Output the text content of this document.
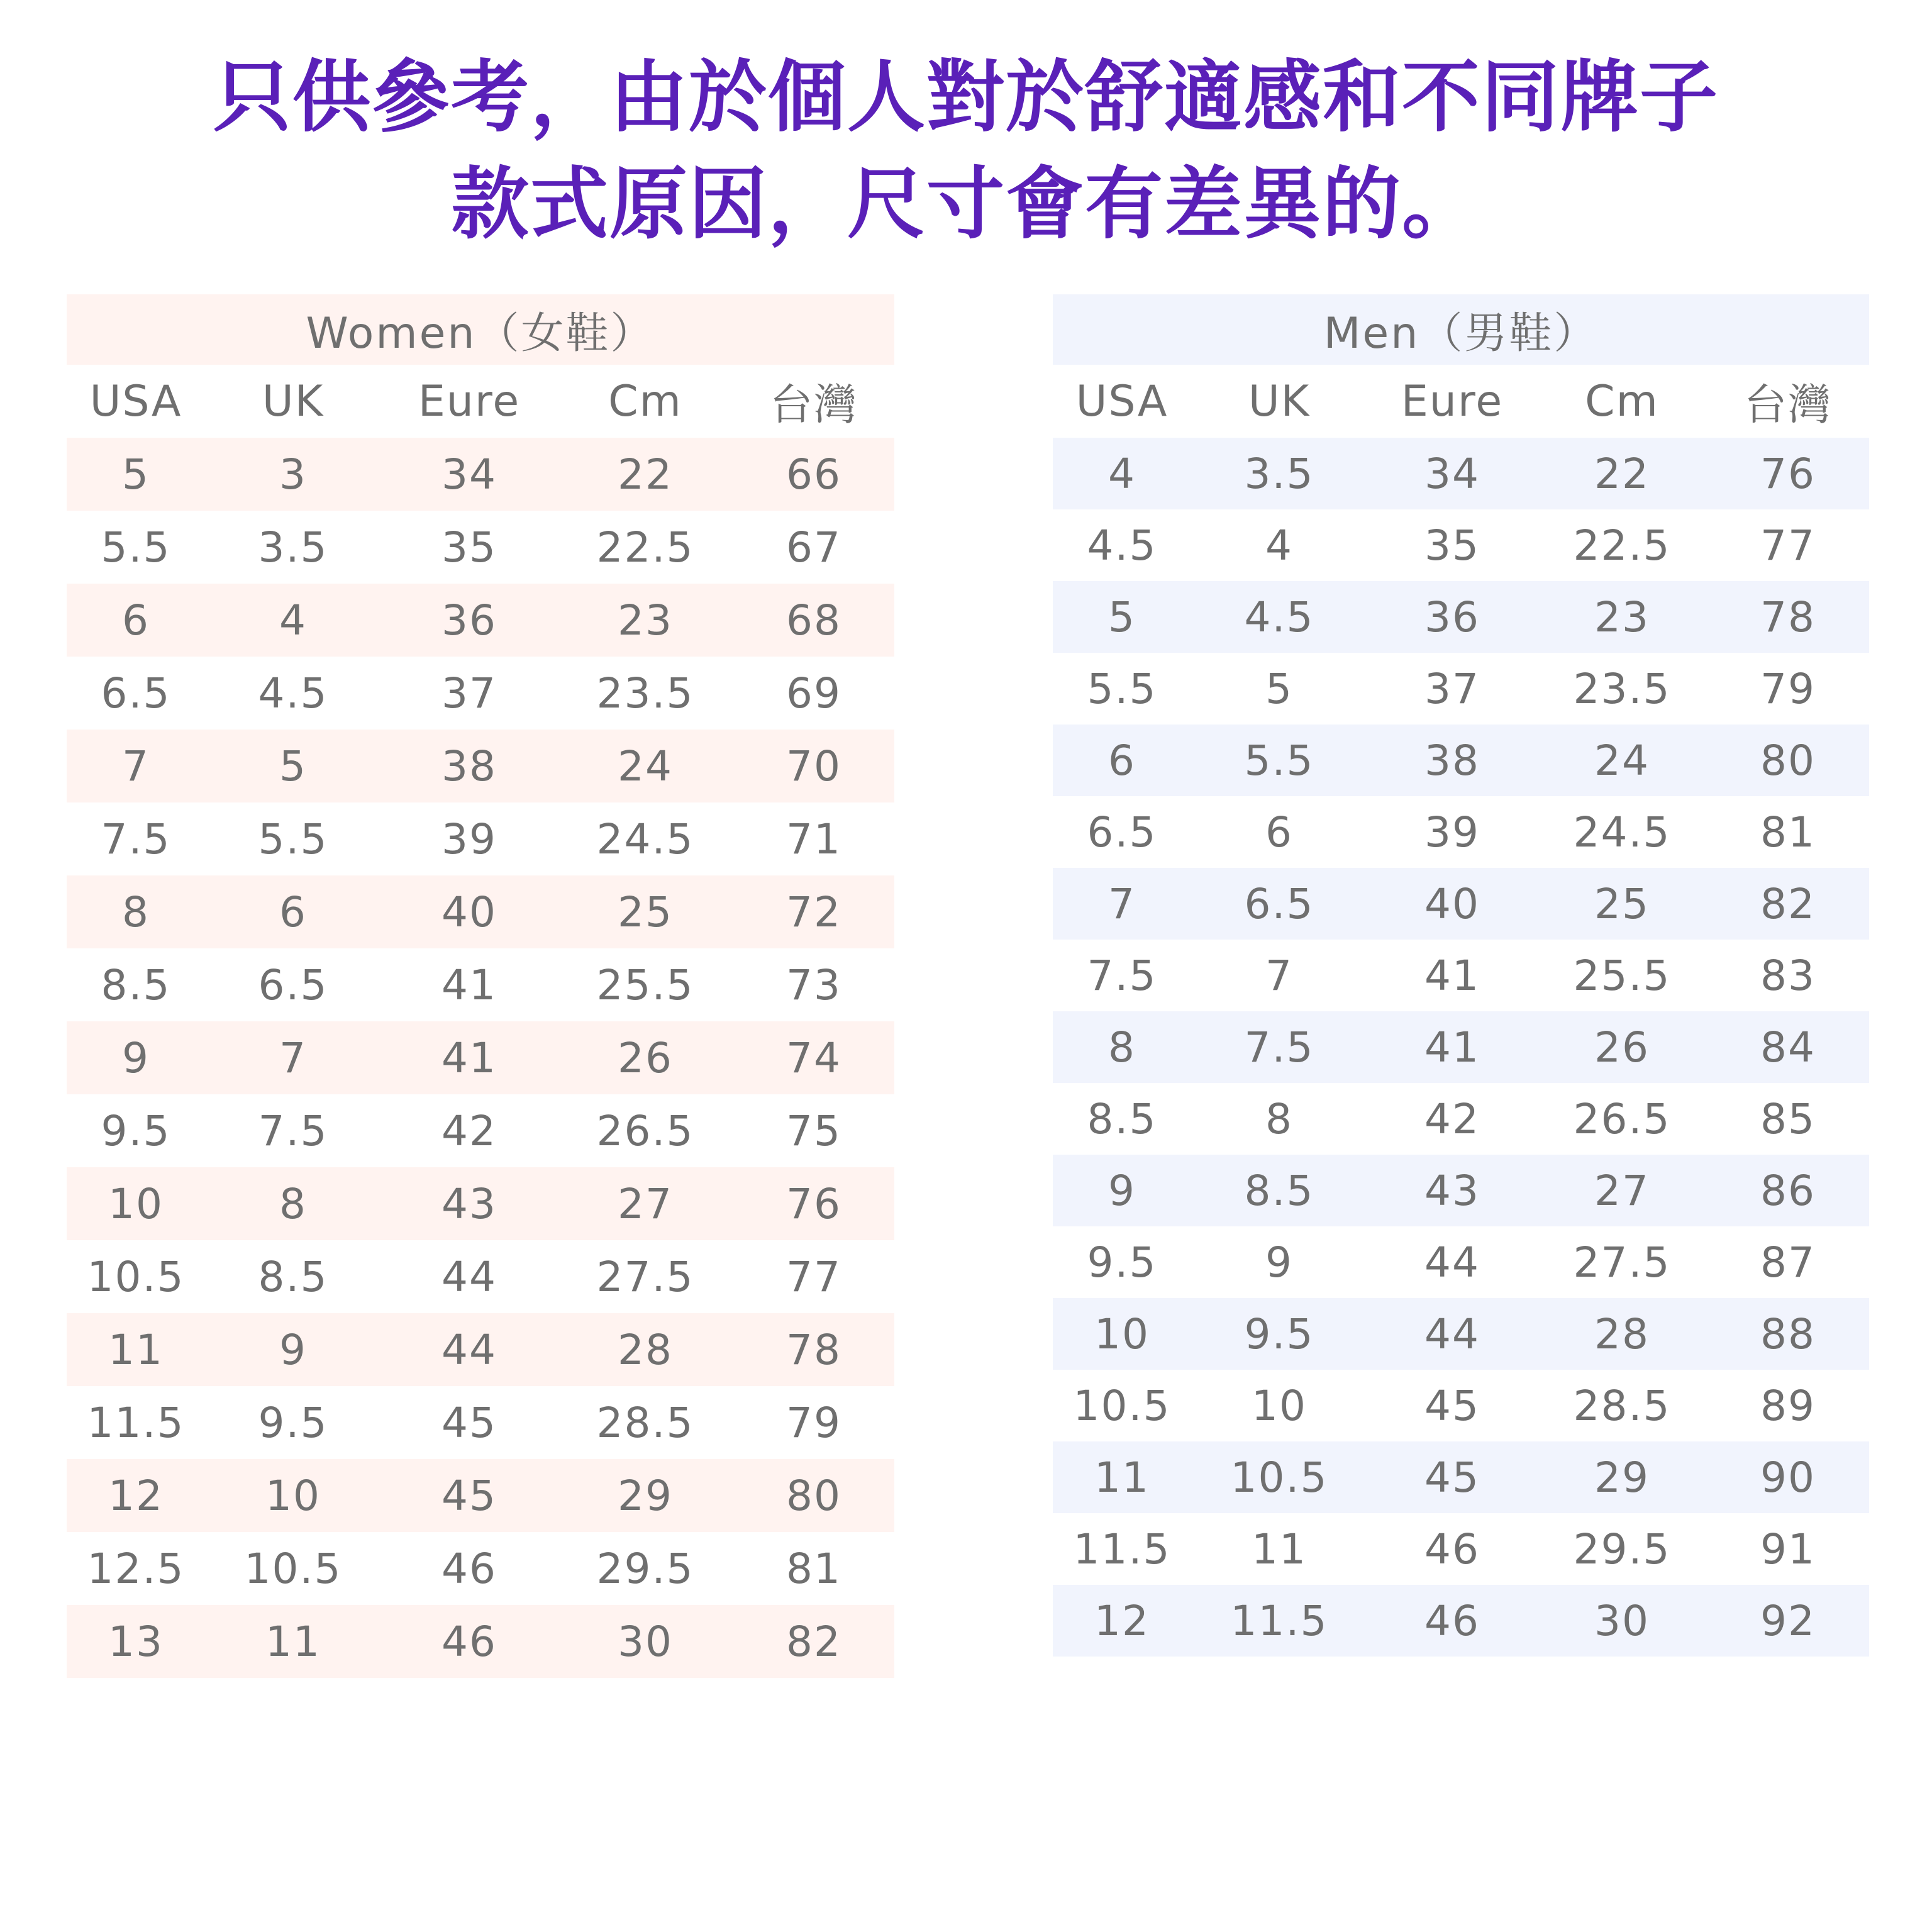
只供參考，由於個人對於舒適感和不同牌子
款式原因，尺寸會有差異的。
Women（女鞋）				
USA	UK	Eure	Cm	台灣
5	3	34	22	66
5.5	3.5	35	22.5	67
6	4	36	23	68
6.5	4.5	37	23.5	69
7	5	38	24	70
7.5	5.5	39	24.5	71
8	6	40	25	72
8.5	6.5	41	25.5	73
9	7	41	26	74
9.5	7.5	42	26.5	75
10	8	43	27	76
10.5	8.5	44	27.5	77
11	9	44	28	78
11.5	9.5	45	28.5	79
12	10	45	29	80
12.5	10.5	46	29.5	81
13	11	46	30	82
Men（男鞋）				
USA	UK	Eure	Cm	台灣
4	3.5	34	22	76
4.5	4	35	22.5	77
5	4.5	36	23	78
5.5	5	37	23.5	79
6	5.5	38	24	80
6.5	6	39	24.5	81
7	6.5	40	25	82
7.5	7	41	25.5	83
8	7.5	41	26	84
8.5	8	42	26.5	85
9	8.5	43	27	86
9.5	9	44	27.5	87
10	9.5	44	28	88
10.5	10	45	28.5	89
11	10.5	45	29	90
11.5	11	46	29.5	91
12	11.5	46	30	92
